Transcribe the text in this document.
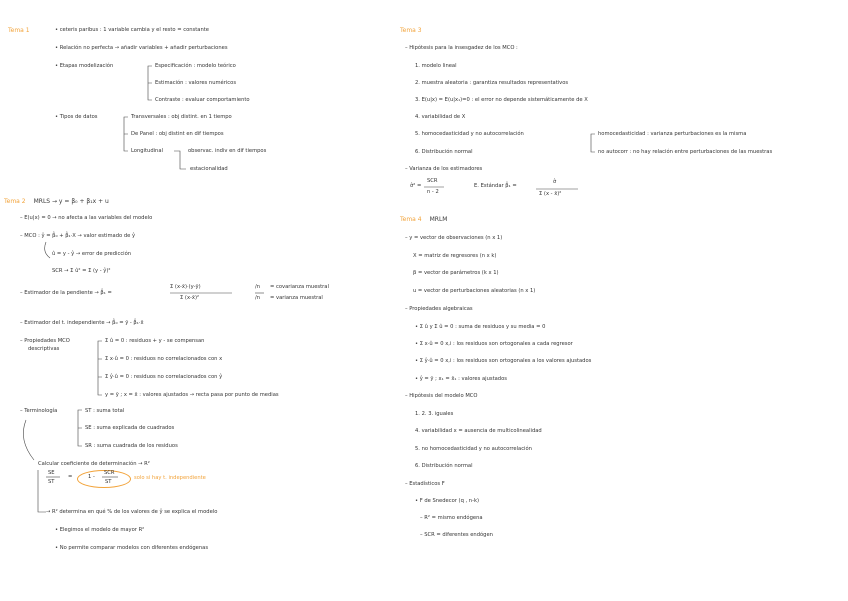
Tema 1	• ceteris paribus : 1 variable cambia y el resto = constante
• Relación no perfecta → añadir variables + añadir perturbaciones
• Etapas modelización	Especificación : modelo teórico
Estimación : valores numéricos
Contraste : evaluar comportamiento
• Tipos de datos	Transversales : obj distint. en 1 tiempo
De Panel : obj distint en dif tiempos
Longitudinal	observac. indiv en dif tiempos
estacionalidad
Tema 2 MRLS → y = β₀ + β₁x + u
– E(u|x) = 0 → no afecta a las variables del modelo
– MCO : ŷ = β̂₀ + β̂₁·X → valor estimado de ŷ
û = y - ŷ → error de predicción
SCR → Σ û² = Σ (y - ŷ)²
– Estimador de la pendiente → β̂₁ =
Σ (x-x̄)·(y-ȳ)
Σ (x-x̄)²
/n
/n
= covarianza muestral
= varianza muestral
– Estimador del t. independiente → β̂₀ = ȳ - β̂₁·x̄
– Propiedades MCO
descriptivas
Σ û = 0 : residuos + y - se compensan
Σ x·û = 0 : residuos no correlacionados con x
Σ ŷ·û = 0 : residuos no correlacionados con ŷ
y = ȳ ; x = x̄ : valores ajustados → recta pasa por punto de medias
– Terminología	ST : suma total
SE : suma explicada de cuadrados
SR : suma cuadrada de los residuos
Calcular coeficiente de determinación → R²
SE
ST
=	1 -
SCR
ST
solo si hay t. independiente
→ R² determina en qué % de los valores de ŷ se explica el modelo
• Elegimos el modelo de mayor R²
• No permite comparar modelos con diferentes endógenas
Tema 3
– Hipótesis para la insesgadez de los MCO :
1. modelo lineal
2. muestra aleatoria : garantiza resultados representativos
3. E(u|x) = E(u|x₁)=0 : el error no depende sistemáticamente de X
4. variabilidad de X
5. homocedasticidad y no autocorrelación	homocedasticidad : varianza perturbaciones es la misma
no autocorr : no hay relación entre perturbaciones de las muestras
6. Distribución normal
– Varianza de los estimadores
σ̂² =
SCR
n - 2
E. Estándar β̂₁ =
σ̂
Σ (x - x̄)²
Tema 4 MRLM
– y = vector de observaciones (n x 1)
X = matriz de regresores (n x k)
β = vector de parámetros (k x 1)
u = vector de perturbaciones aleatorias (n x 1)
– Propiedades algebraicas
• Σ û y Σ û = 0 : suma de residuos y su media = 0
• Σ x·û = 0 x,i : los residuos son ortogonales a cada regresor
• Σ ŷ·û = 0 x,i : los residuos son ortogonales a los valores ajustados
• ŷ = ȳ ; x₁ = x̄₁ : valores ajustados
– Hipótesis del modelo MCO
1. 2. 3. iguales
4. variabilidad x = ausencia de multicolinealidad
5. no homocedasticidad y no autocorrelación
6. Distribución normal
– Estadísticos F
• F de Snedecor (q , n-k)
– R² = mismo endógena
– SCR = diferentes endógen
